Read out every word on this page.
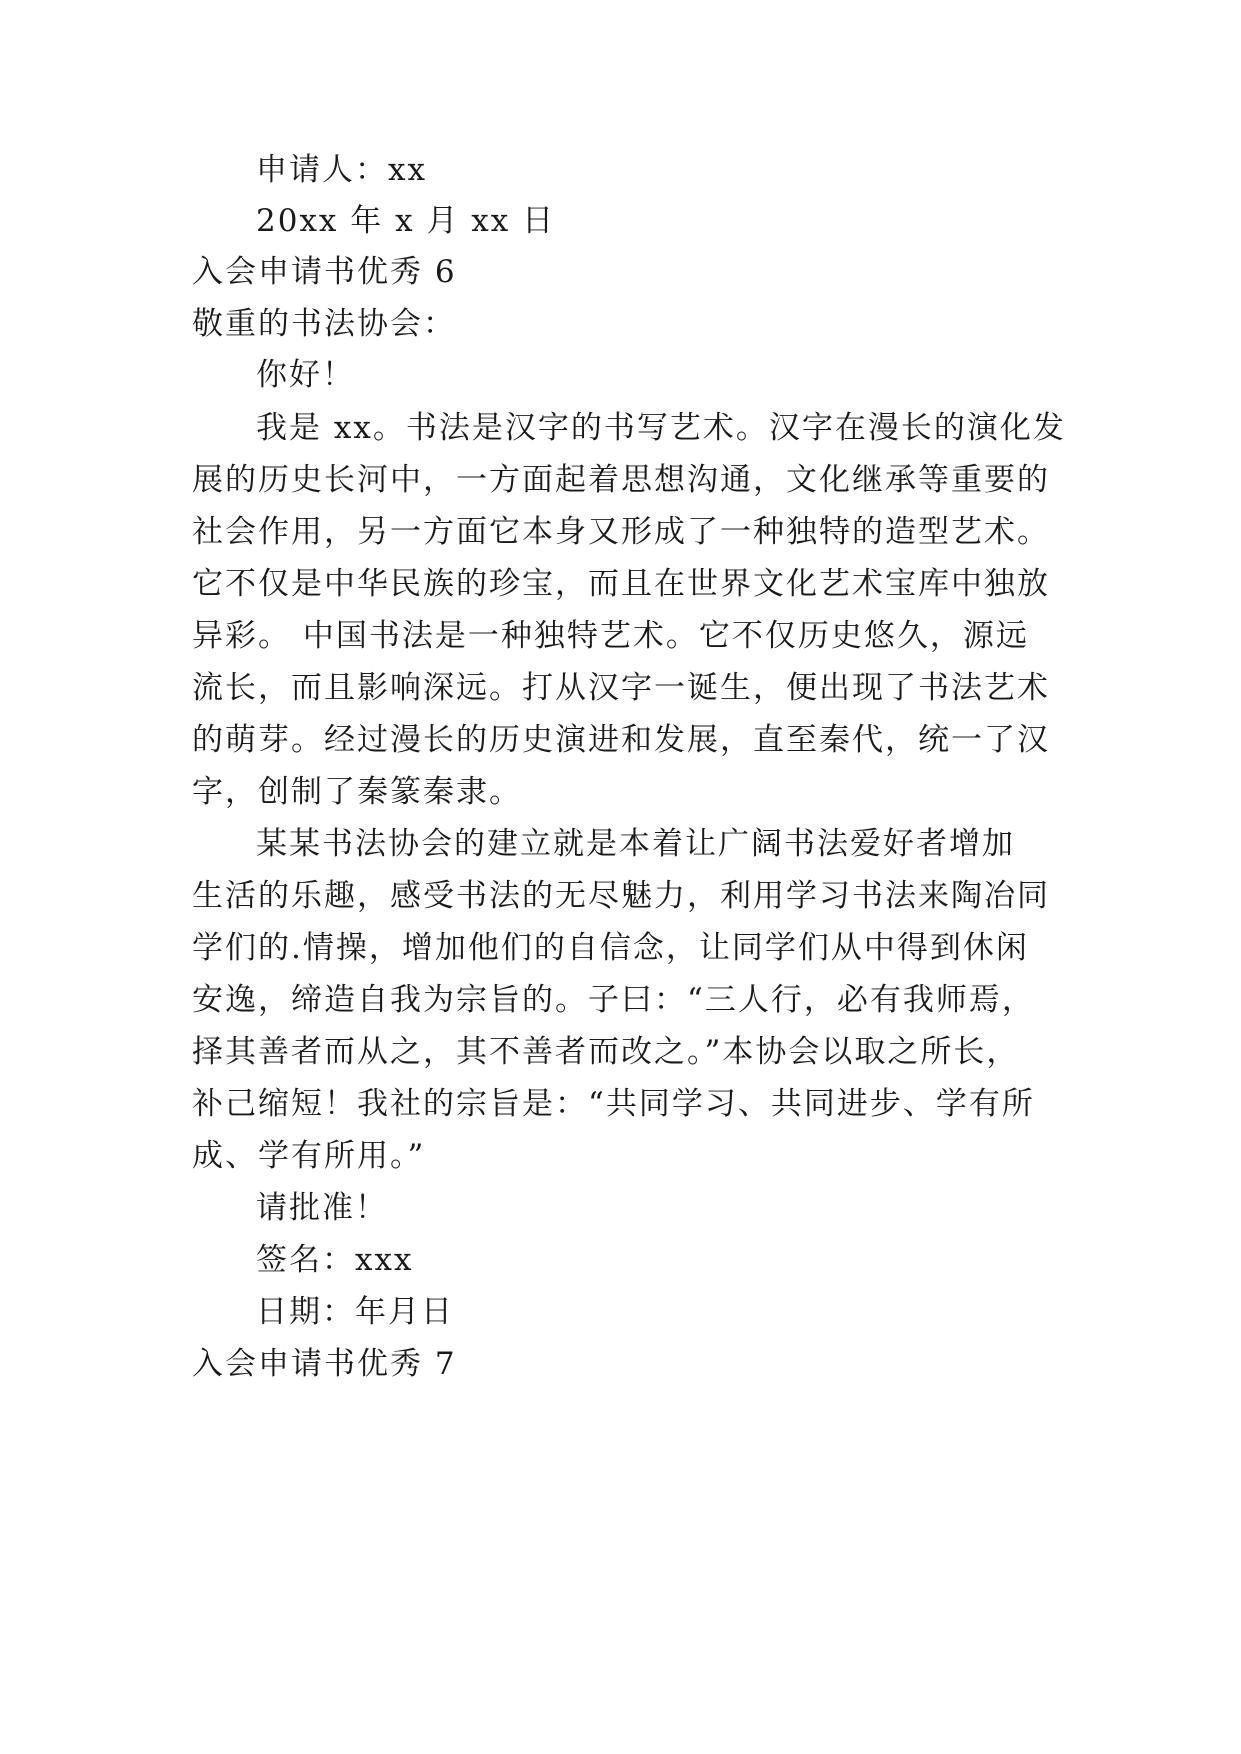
申请人：xx
20xx 年 x 月 xx 日
入会申请书优秀 6
敬重的书法协会：
你好！
我是 xx。书法是汉字的书写艺术。汉字在漫长的演化发
展的历史长河中，一方面起着思想沟通，文化继承等重要的
社会作用，另一方面它本身又形成了一种独特的造型艺术。
它不仅是中华民族的珍宝，而且在世界文化艺术宝库中独放
异彩。 中国书法是一种独特艺术。它不仅历史悠久，源远
流长，而且影响深远。打从汉字一诞生，便出现了书法艺术
的萌芽。经过漫长的历史演进和发展，直至秦代，统一了汉
字，创制了秦篆秦隶。
某某书法协会的建立就是本着让广阔书法爱好者增加
生活的乐趣，感受书法的无尽魅力，利用学习书法来陶冶同
学们的.情操，增加他们的自信念，让同学们从中得到休闲
安逸，缔造自我为宗旨的。子曰：“三人行，必有我师焉，
择其善者而从之，其不善者而改之。”本协会以取之所长，
补己缩短！我社的宗旨是：“共同学习、共同进步、学有所
成、学有所用。”
请批准！
签名：xxx
日期：年月日
入会申请书优秀 7
